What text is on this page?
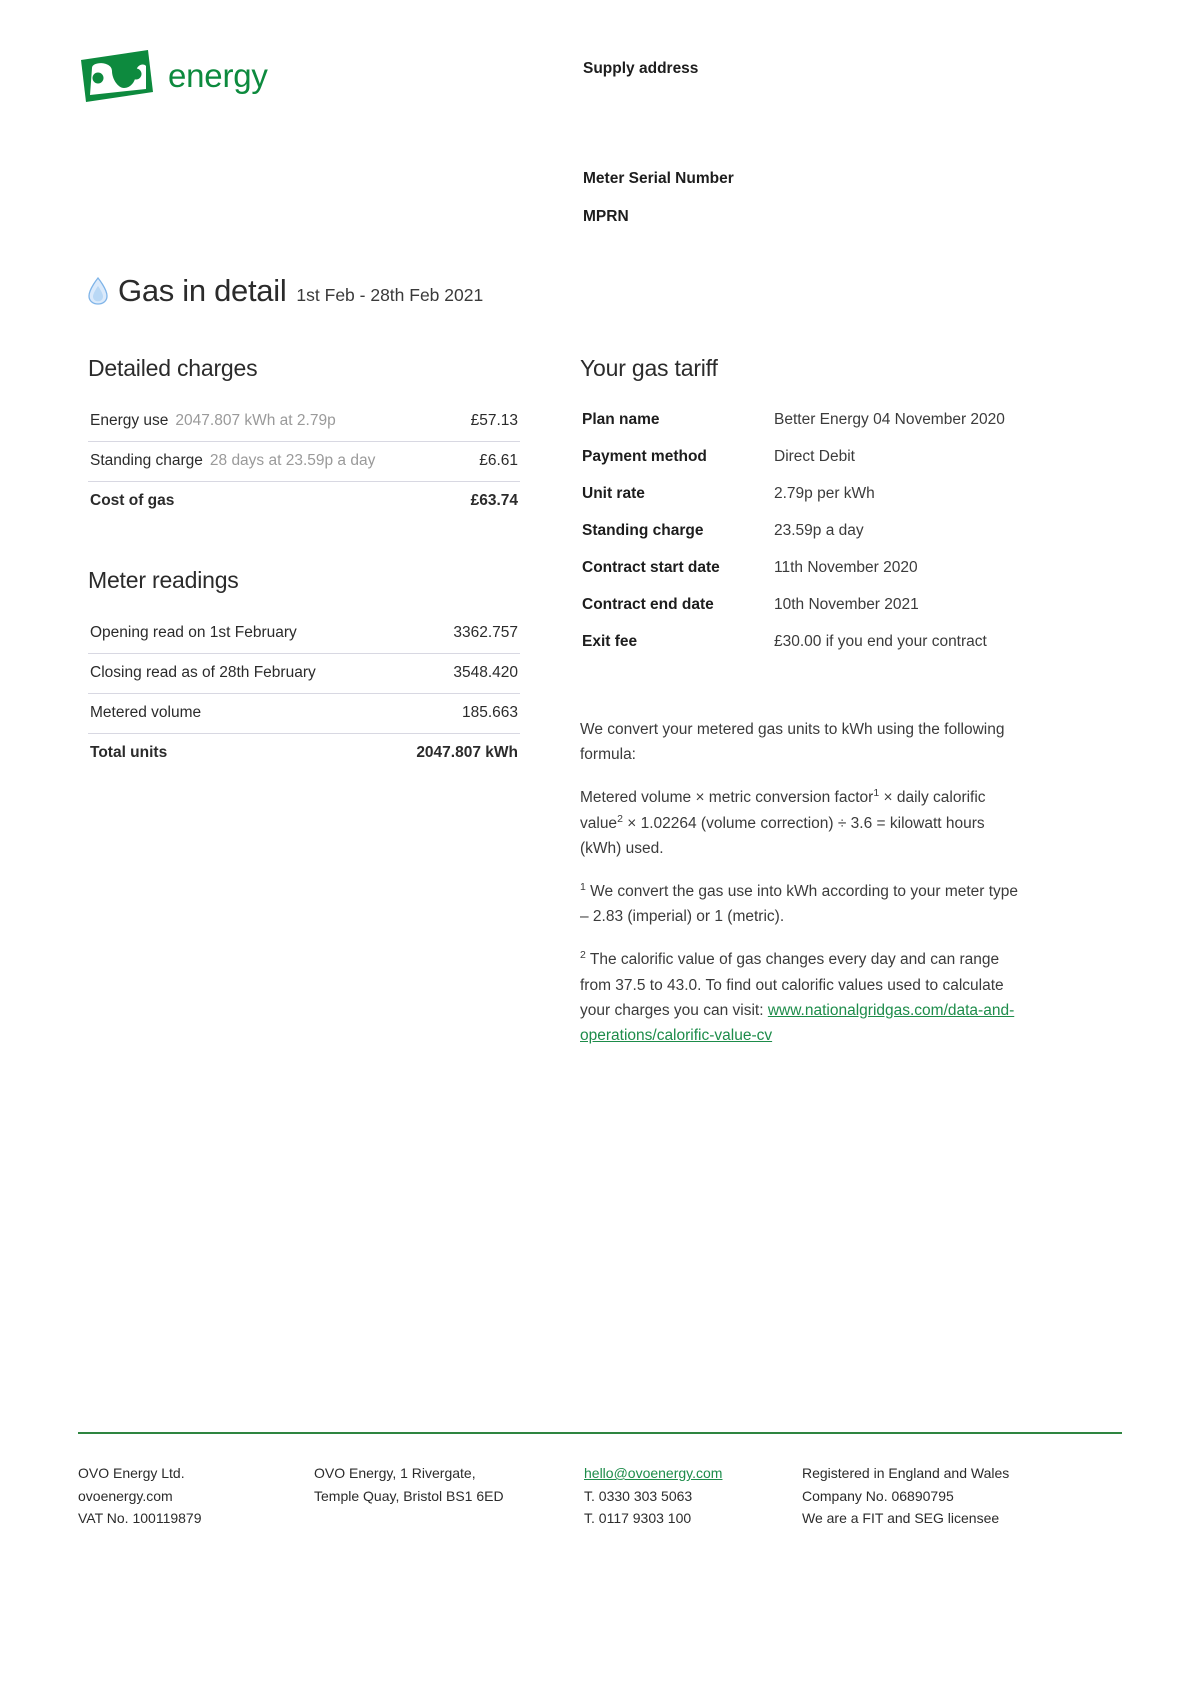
energy	Supply address
Meter Serial Number
MPRN
Gas in detail 1st Feb - 28th Feb 2021
Detailed charges
Energy use 2047.807 kWh at 2.79p	£57.13
Standing charge 28 days at 23.59p a day	£6.61
Cost of gas	£63.74
Meter readings
Opening read on 1st February	3362.757
Closing read as of 28th February	3548.420
Metered volume	185.663
Total units	2047.807 kWh
Your gas tariff
Plan name	Better Energy 04 November 2020
Payment method	Direct Debit
Unit rate	2.79p per kWh
Standing charge	23.59p a day
Contract start date	11th November 2020
Contract end date	10th November 2021
Exit fee	£30.00 if you end your contract

We convert your metered gas units to kWh using the following formula:

Metered volume × metric conversion factor$^1$ × daily calorific value$^2$ × 1.02264 (volume correction) ÷ 3.6 = kilowatt hours (kWh) used.

$^1$ We convert the gas use into kWh according to your meter type – 2.83 (imperial) or 1 (metric).

$^2$ The calorific value of gas changes every day and can range from 37.5 to 43.0. To find out calorific values used to calculate your charges you can visit: www.nationalgridgas.com/data-and-operations/calorific-value-cv

OVO Energy Ltd.
ovoenergy.com
VAT No. 100119879
OVO Energy, 1 Rivergate,
Temple Quay, Bristol BS1 6ED
hello@ovoenergy.com
T. 0330 303 5063
T. 0117 9303 100
Registered in England and Wales
Company No. 06890795
We are a FIT and SEG licensee
